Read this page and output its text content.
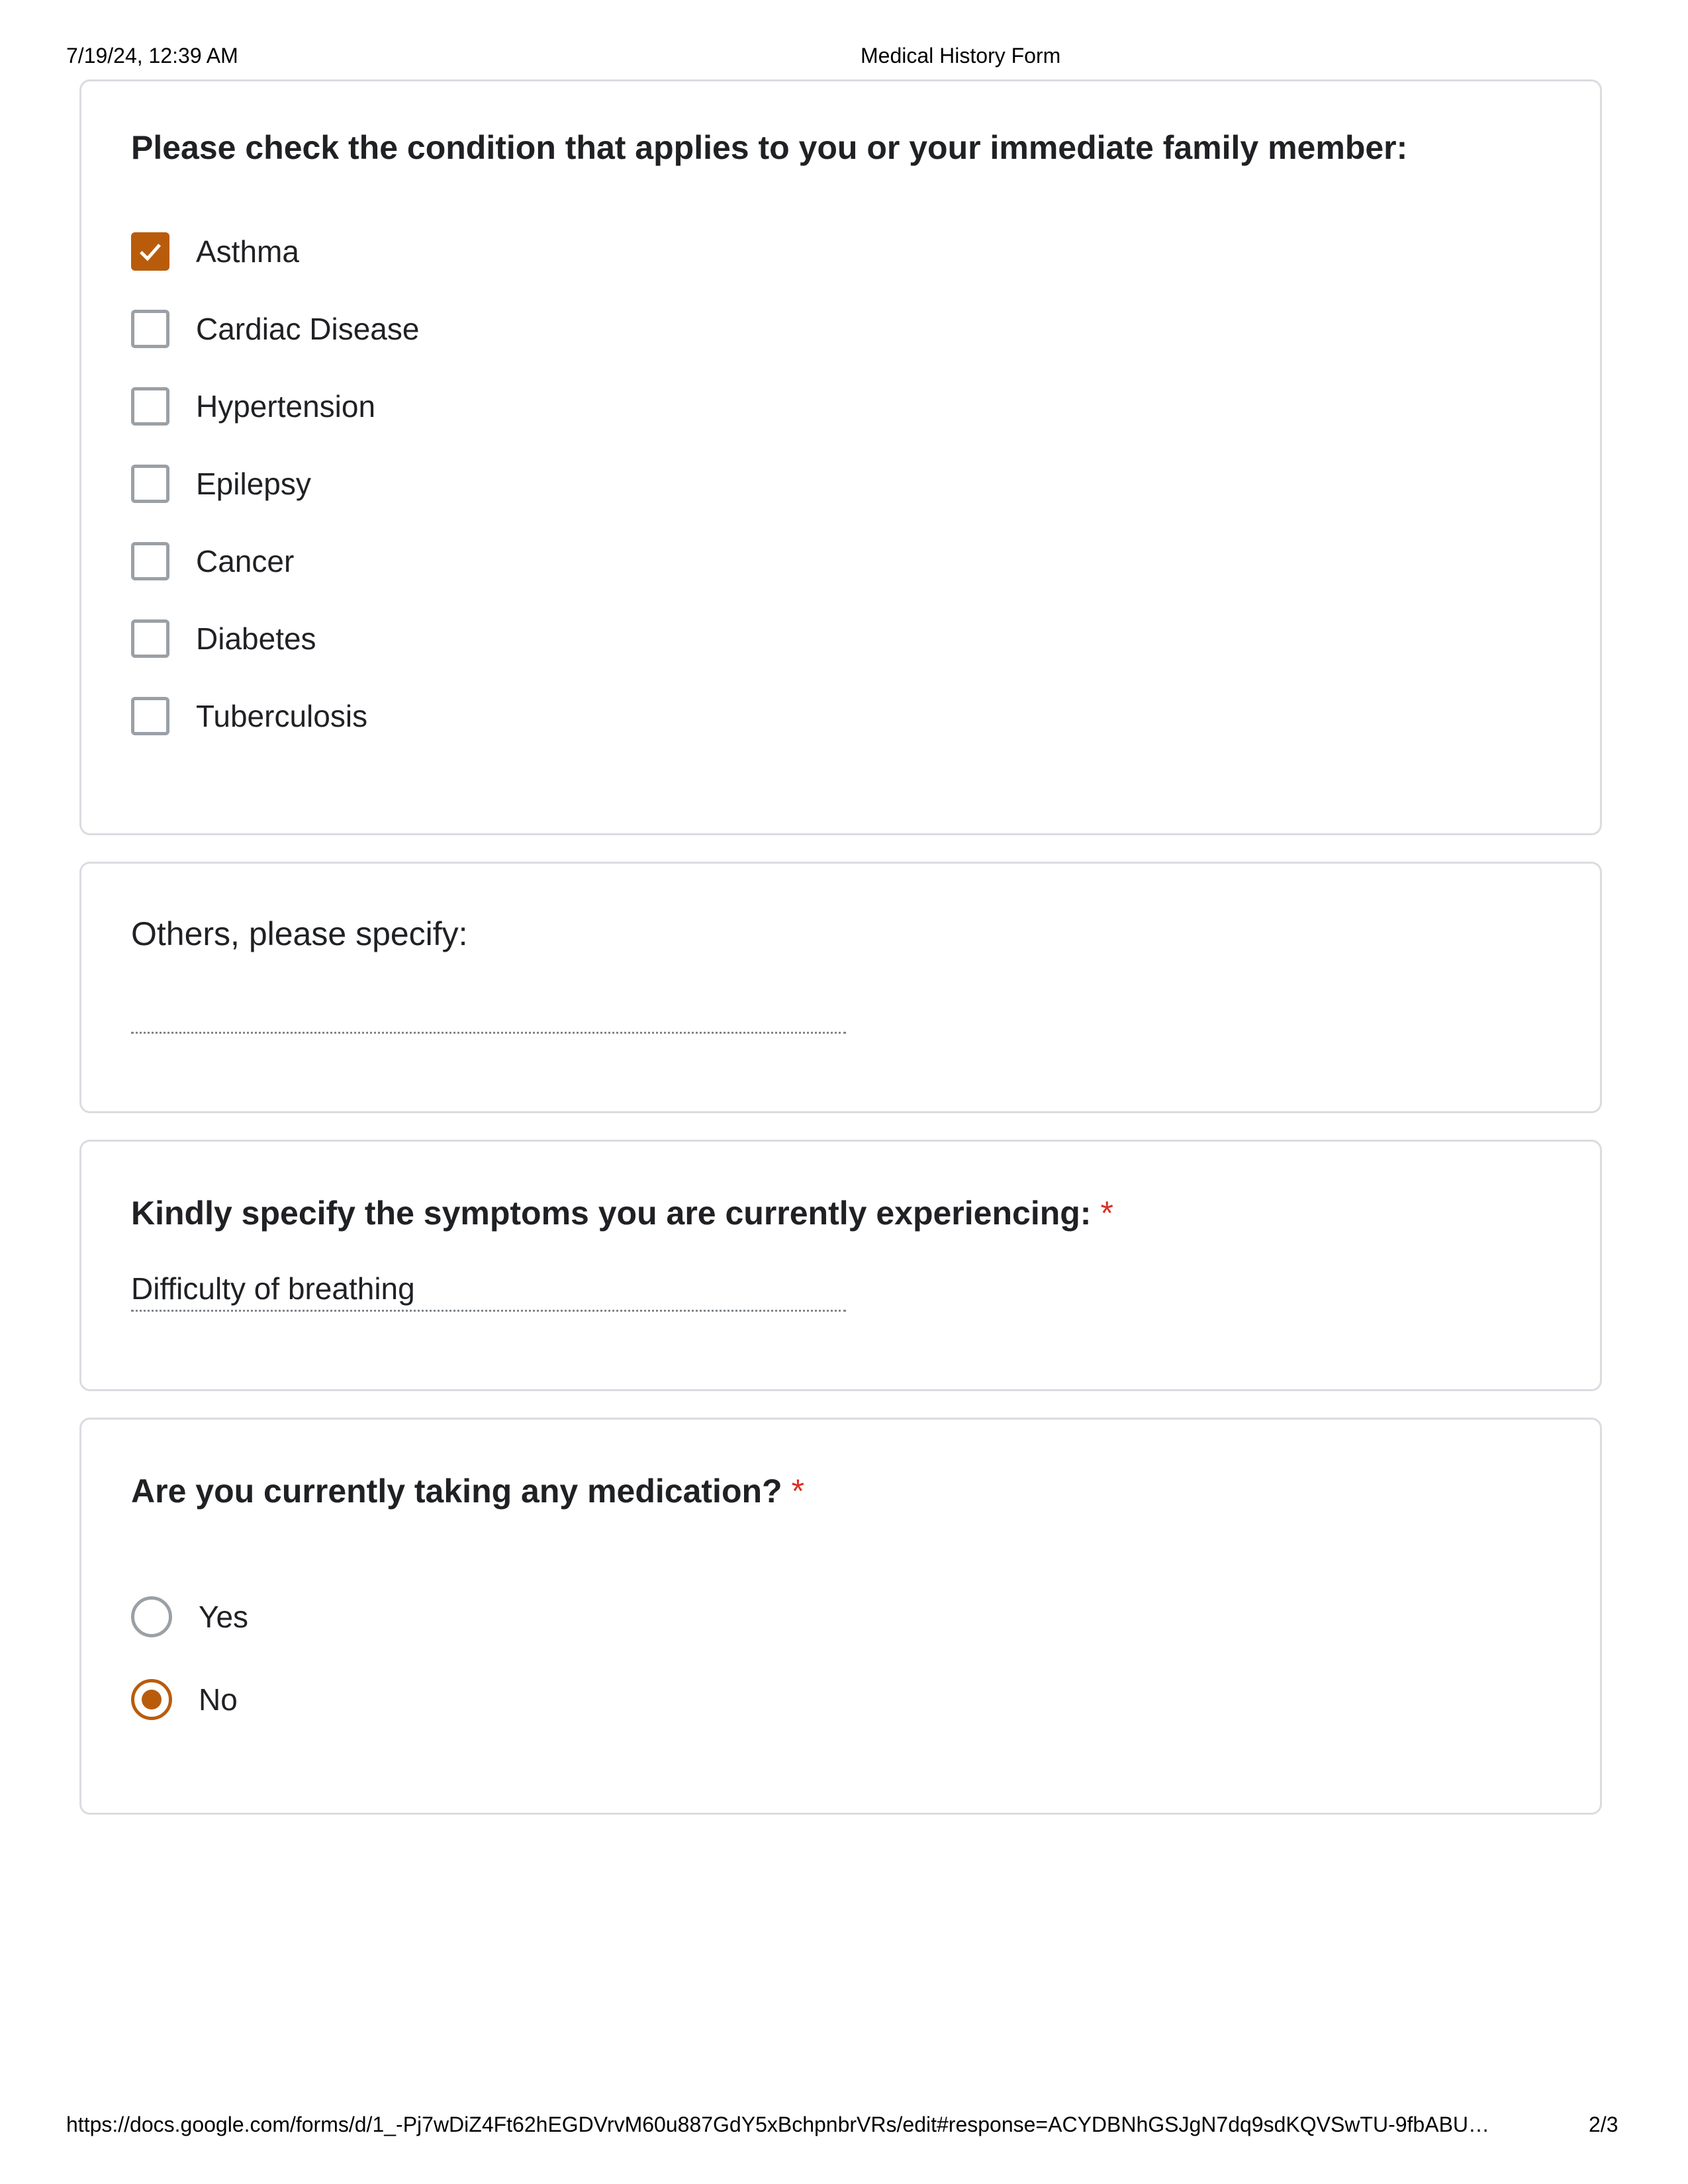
7/19/24, 12:39 AM	Medical History Form
Please check the condition that applies to you or your immediate family member:
Asthma
Cardiac Disease
Hypertension
Epilepsy
Cancer
Diabetes
Tuberculosis
Others, please specify:
Kindly specify the symptoms you are currently experiencing: *
Difficulty of breathing
Are you currently taking any medication? *
Yes
No
https://docs.google.com/forms/d/1_-Pj7wDiZ4Ft62hEGDVrvM60u887GdY5xBchpnbrVRs/edit#response=ACYDBNhGSJgN7dq9sdKQVSwTU-9fbABU…	2/3
